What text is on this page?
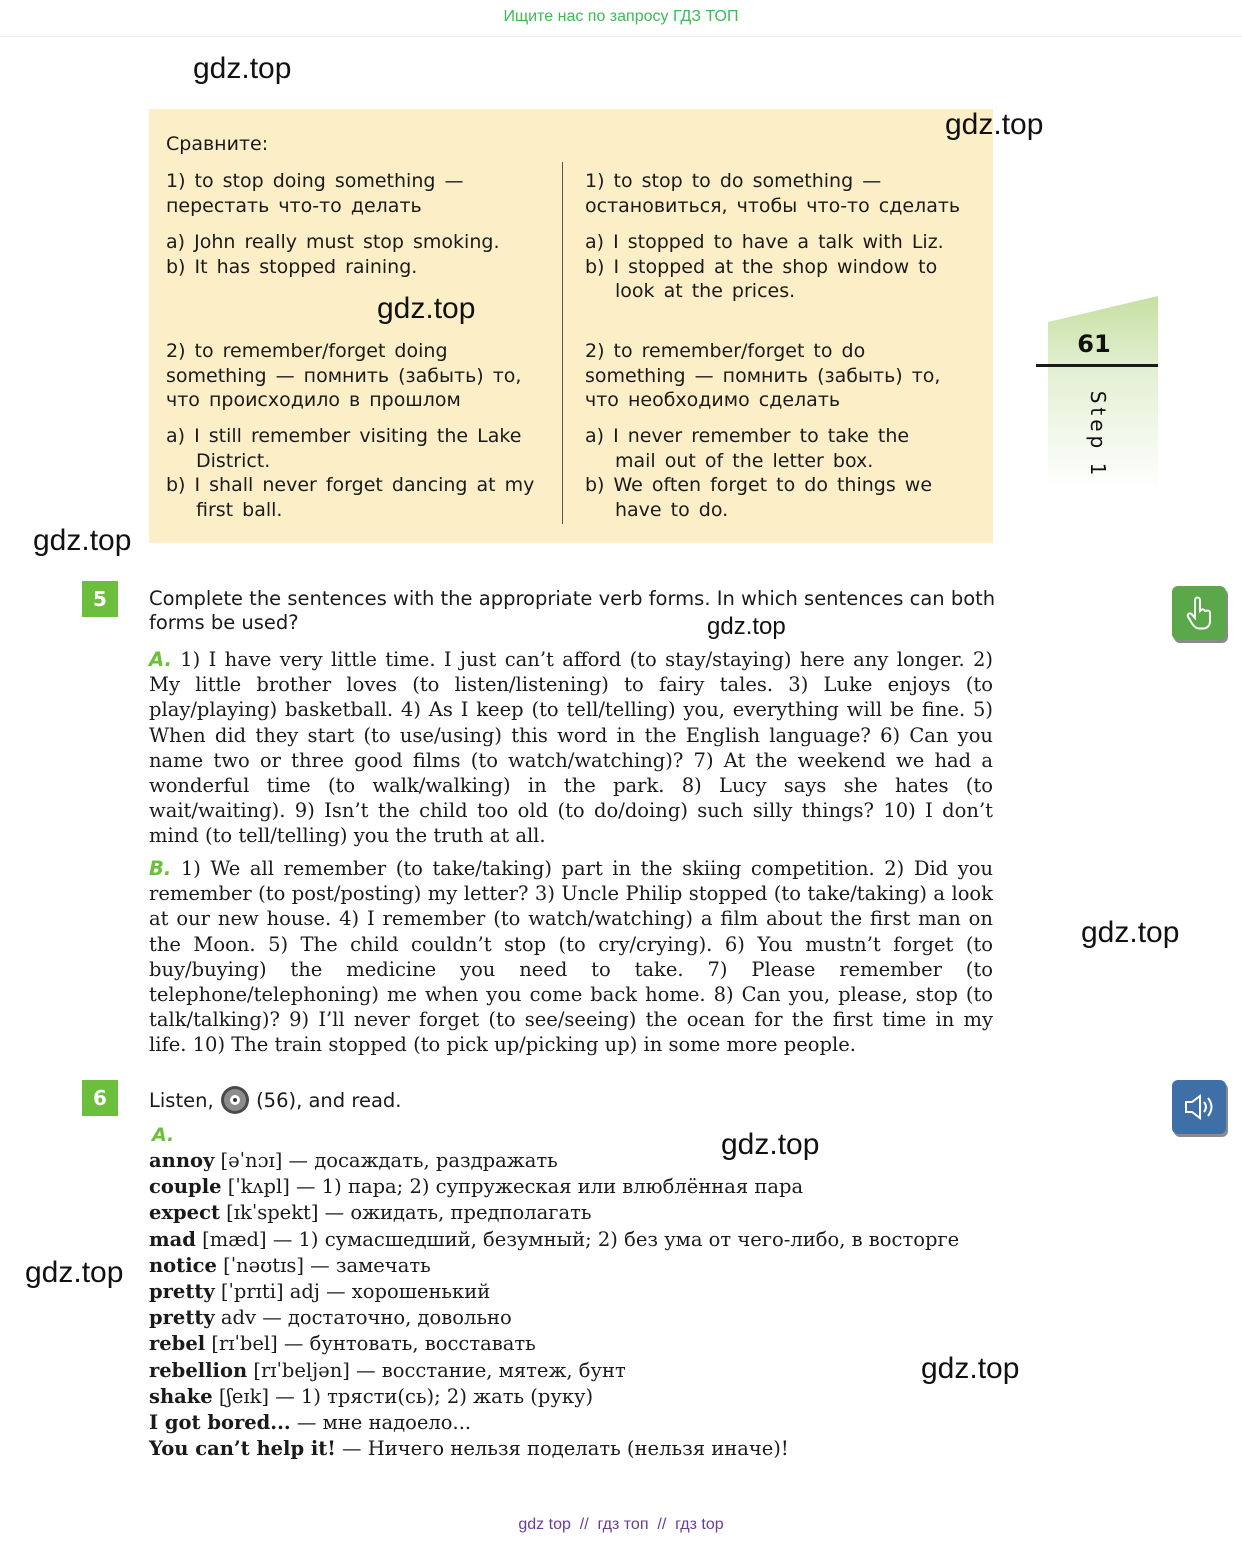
Ищите нас по запросу ГДЗ ТОП
gdz.top
Сравните:

1) to stop doing something —

перестать что-то делать

a) John really must stop smoking.

b) It has stopped raining.

2) to remember/forget doing

something — помнить (забыть) то,

что происходило в прошлом

a) I still remember visiting the Lake District.

b) I shall never forget dancing at my first ball.

1) to stop to do something —

остановиться, чтобы что-то сделать

a) I stopped to have a talk with Liz.

b) I stopped at the shop window to look at the prices.

2) to remember/forget to do

something — помнить (забыть) то,

что необходимо сделать

a) I never remember to take the mail out of the letter box.

b) We often forget to do things we have to do.

gdz.top
gdz.top
gdz.top
61
Step 1
5	Complete the sentences with the appropriate verb forms. In which sentences can both forms be used?	gdz.top

A. 1) I have very little time. I just can’t afford (to stay/staying) here any longer. 2) My little brother loves (to listen/listening) to fairy tales. 3) Luke enjoys (to play/playing) basketball. 4) As I keep (to tell/telling) you, everything will be fine. 5) When did they start (to use/using) this word in the English language? 6) Can you name two or three good films (to watch/watching)? 7) At the weekend we had a wonderful time (to walk/walking) in the park. 8) Lucy says she hates (to wait/waiting). 9) Isn’t the child too old (to do/doing) such silly things? 10) I don’t mind (to tell/telling) you the truth at all.

B. 1) We all remember (to take/taking) part in the skiing competition. 2) Did you remember (to post/posting) my letter? 3) Uncle Philip stopped (to take/taking) a look at our new house. 4) I remember (to watch/watching) a film about the first man on the Moon. 5) The child couldn’t stop (to cry/crying). 6) You mustn’t forget (to buy/buying) the medicine you need to take. 7) Please remember (to telephone/telephoning) me when you come back home. 8) Can you, please, stop (to talk/talking)? 9) I’ll never forget (to see/seeing) the ocean for the first time in my life. 10) The train stopped (to pick up/picking up) in some more people.

gdz.top
6	Listen, (56), and read.
A.
annoy [əˈnɔɪ] — досаждать, раздражать
couple [ˈkʌpl] — 1) пара; 2) супружеская или влюблённая пара
expect [ɪkˈspekt] — ожидать, предполагать
mad [mæd] — 1) сумасшедший, безумный; 2) без ума от чего-либо, в восторге
notice [ˈnəʊtɪs] — замечать
pretty [ˈprɪti] adj — хорошенький
pretty adv — достаточно, довольно
rebel [rɪˈbel] — бунтовать, восставать
rebellion [rɪˈbeljən] — восстание, мятеж, бунт
shake [ʃeɪk] — 1) трясти(сь); 2) жать (руку)
I got bored... — мне надоело...
You can’t help it! — Ничего нельзя поделать (нельзя иначе)!
gdz.top
gdz.top
gdz.top
gdz top  //  гдз топ  //  гдз top
